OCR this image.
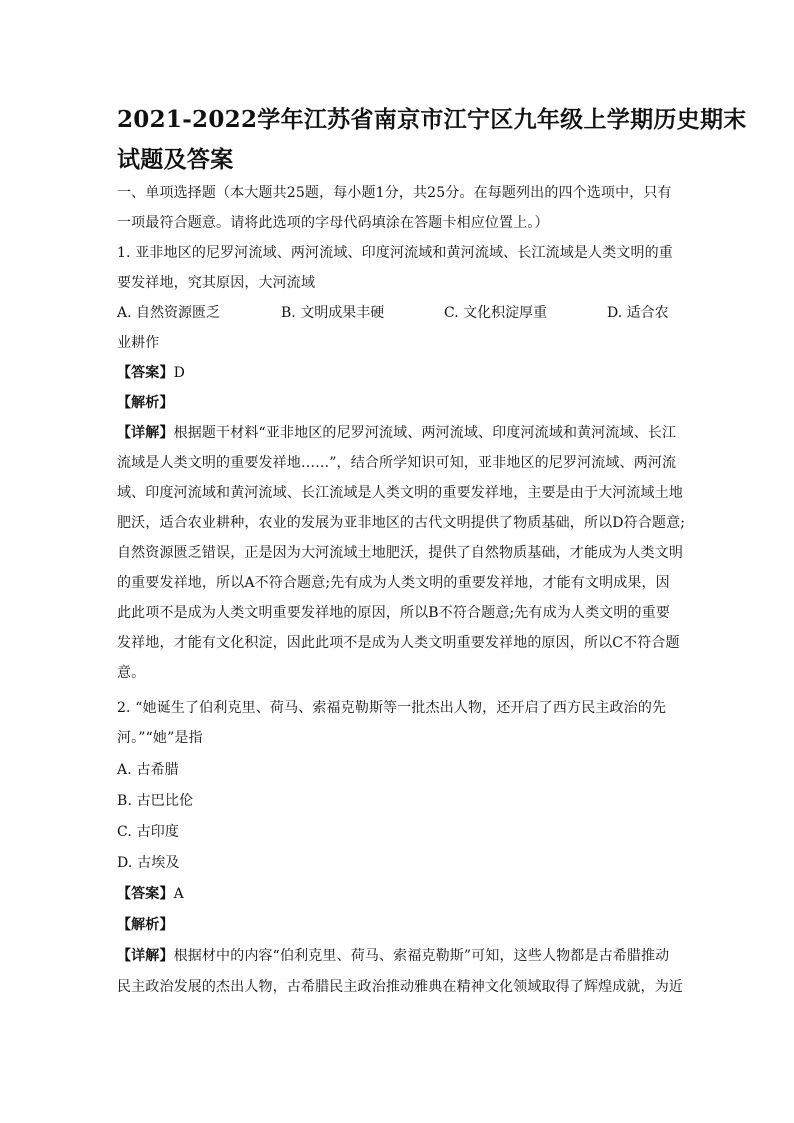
2021-2022学年江苏省南京市江宁区九年级上学期历史期末
试题及答案
一、单项选择题（本大题共25题，每小题1分，共25分。在每题列出的四个选项中，只有
一项最符合题意。请将此选项的字母代码填涂在答题卡相应位置上。）
1. 亚非地区的尼罗河流域、两河流域、印度河流域和黄河流域、长江流域是人类文明的重
要发祥地，究其原因，大河流域
A. 自然资源匮乏	B. 文明成果丰硬	C. 文化积淀厚重	D. 适合农
业耕作
【答案】D
【解析】
【详解】根据题干材料“亚非地区的尼罗河流域、两河流域、印度河流域和黄河流域、长江
流域是人类文明的重要发祥地……”，结合所学知识可知，亚非地区的尼罗河流域、两河流
域、印度河流域和黄河流域、长江流域是人类文明的重要发祥地，主要是由于大河流域土地
肥沃，适合农业耕种，农业的发展为亚非地区的古代文明提供了物质基础，所以D符合题意;
自然资源匮乏错误，正是因为大河流域土地肥沃，提供了自然物质基础，才能成为人类文明
的重要发祥地，所以A不符合题意;先有成为人类文明的重要发祥地，才能有文明成果，因
此此项不是成为人类文明重要发祥地的原因，所以B不符合题意;先有成为人类文明的重要
发祥地，才能有文化积淀，因此此项不是成为人类文明重要发祥地的原因，所以C不符合题
意。
2. “她诞生了伯利克里、荷马、索福克勒斯等一批杰出人物，还开启了西方民主政治的先
河。”“她”是指
A. 古希腊
B. 古巴比伦
C. 古印度
D. 古埃及
【答案】A
【解析】
【详解】根据材中的内容“伯利克里、荷马、索福克勒斯”可知，这些人物都是古希腊推动
民主政治发展的杰出人物，古希腊民主政治推动雅典在精神文化领域取得了辉煌成就，为近
